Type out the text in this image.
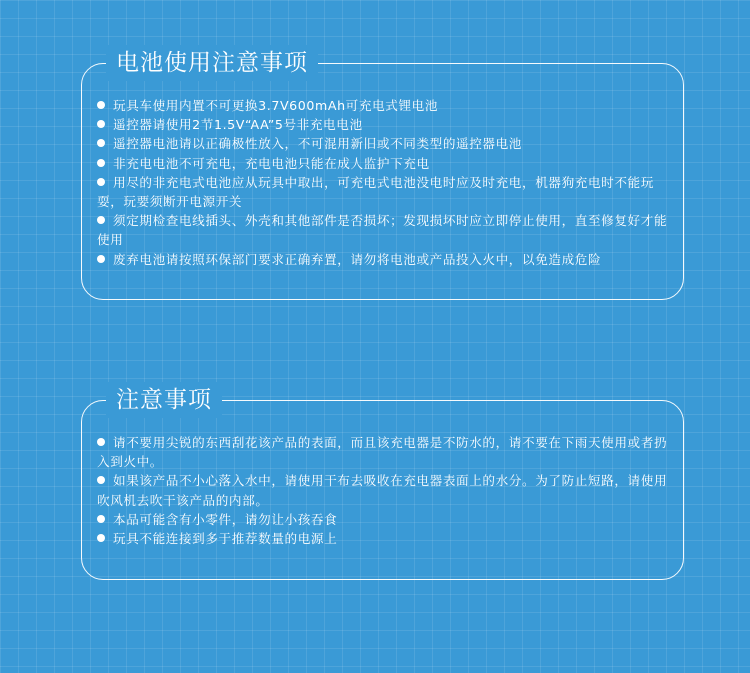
电池使用注意事项
玩具车使用内置不可更换3.7V600mAh可充电式锂电池
遥控器请使用2节1.5V“AA”5号非充电电池
遥控器电池请以正确极性放入，不可混用新旧或不同类型的遥控器电池
非充电电池不可充电，充电电池只能在成人监护下充电
用尽的非充电式电池应从玩具中取出，可充电式电池没电时应及时充电，机器狗充电时不能玩耍，玩要须断开电源开关
须定期检查电线插头、外壳和其他部件是否损坏；发现损坏时应立即停止使用，直至修复好才能使用
废弃电池请按照环保部门要求正确弃置，请勿将电池或产品投入火中，以免造成危险
注意事项
请不要用尖锐的东西刮花该产品的表面，而且该充电器是不防水的，请不要在下雨天使用或者扔入到火中。
如果该产品不小心落入水中，请使用干布去吸收在充电器表面上的水分。为了防止短路，请使用吹风机去吹干该产品的内部。
本品可能含有小零件，请勿让小孩吞食
玩具不能连接到多于推荐数量的电源上
